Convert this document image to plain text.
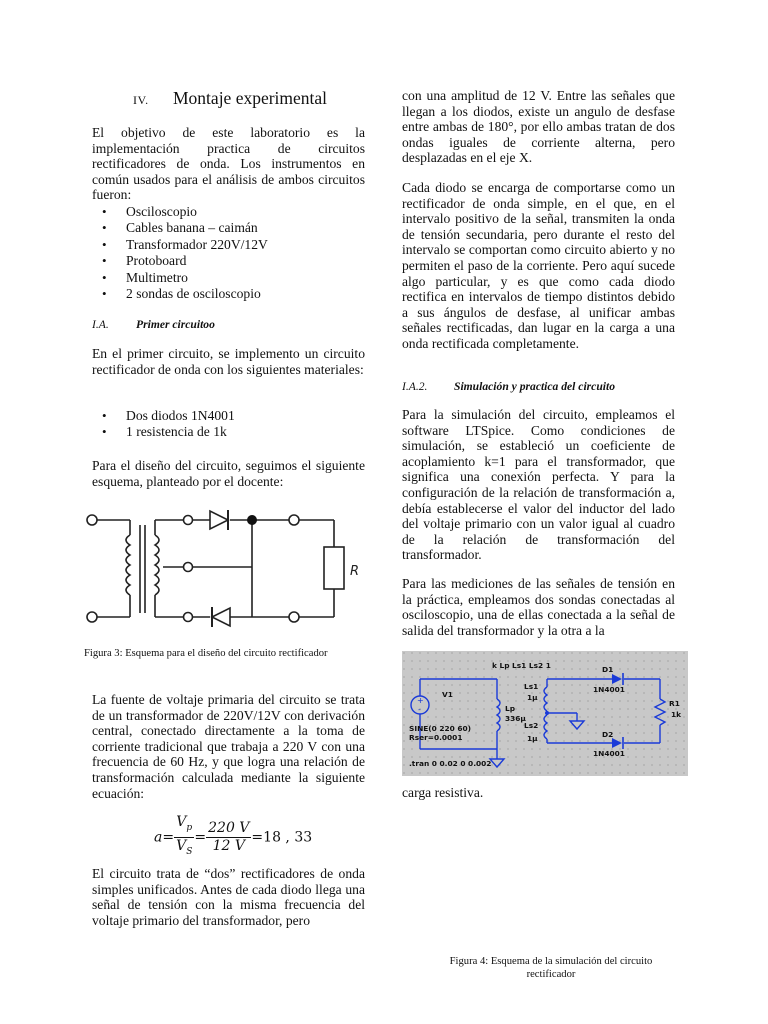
IV. Montaje experimental

El objetivo de este laboratorio es la implementación practica de circuitos rectificadores de onda. Los instrumentos en común usados para el análisis de ambos circuitos fueron:

• Osciloscopio
• Cables banana – caimán
• Transformador 220V/12V
• Protoboard
• Multimetro
• 2 sondas de osciloscopio
I.A. Primer circuitoo

En el primer circuito, se implemento un circuito rectificador de onda con los siguientes materiales:

• Dos diodos 1N4001
• 1 resistencia de 1k

Para el diseño del circuito, seguimos el siguiente esquema, planteado por el docente:

R
Figura 3: Esquema para el diseño del circuito rectificador

La fuente de voltaje primaria del circuito se trata de un transformador de 220V/12V con derivación central, conectado directamente a la toma de corriente tradicional que trabaja a 220 V con una frecuencia de 60 Hz, y que logra una relación de transformación calculada mediante la siguiente ecuación:

$a= \frac{V_p}{V_S} = \frac{220 V}{12 V} =18$ , 33

El circuito trata de “dos” rectificadores de onda simples unificados. Antes de cada diodo llega una señal de tensión con la misma frecuencia del voltaje primario del transformador, pero

con una amplitud de 12 V. Entre las señales que llegan a los diodos, existe un angulo de desfase entre ambas de 180°, por ello ambas tratan de dos ondas iguales de corriente alterna, pero desplazadas en el eje X.

Cada diodo se encarga de comportarse como un rectificador de onda simple, en el que, en el intervalo positivo de la señal, transmiten la onda de tensión secundaria, pero durante el resto del intervalo se comportan como circuito abierto y no permiten el paso de la corriente. Pero aquí sucede algo particular, y es que como cada diodo rectifica en intervalos de tiempo distintos debido a sus ángulos de desfase, al unificar ambas señales rectificadas, dan lugar en la carga a una onda rectificada completamente.

I.A.2. Simulación y practica del circuito

Para la simulación del circuito, empleamos el software LTSpice. Como condiciones de simulación, se estableció un coeficiente de acoplamiento k=1 para el transformador, que significa una conexión perfecta. Y para la configuración de la relación de transformación a, debía establecerse el valor del inductor del lado del voltaje primario con un valor igual al cuadro de la relación de transformación del transformador.

Para las mediciones de las señales de tensión en la práctica, empleamos dos sondas conectadas al osciloscopio, una de ellas conectada a la señal de salida del transformador y la otra a la

+
-
k Lp Ls1 Ls2 1
V1
SINE(0 220 60)
Rser=0.0001
Lp
336µ
Ls1
1µ
Ls2
1µ
D1
1N4001
D2
1N4001
R1
1k
.tran 0 0.02 0 0.002

carga resistiva.

Figura 4: Esquema de la simulación del circuito
rectificador
